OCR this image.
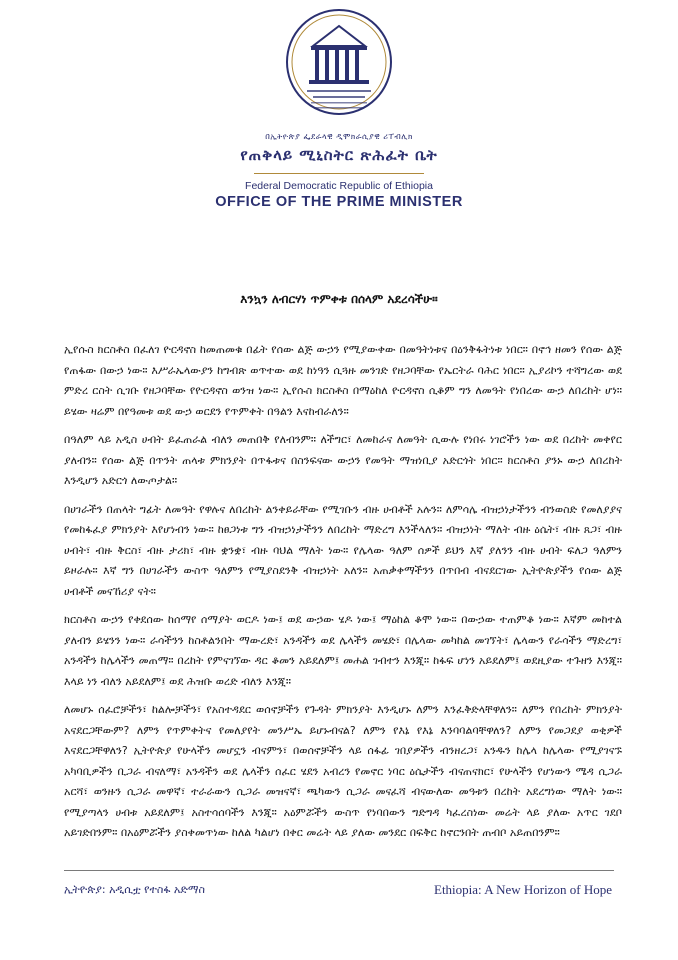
በኢትዮጵያ ፌደራላዊ ዲሞክራሲያዊ ሪፐብሊክ
የጠቅላይ ሚኒስትር ጽሕፈት ቤት
Federal Democratic Republic of Ethiopia
OFFICE OF THE PRIME MINISTER
እንኳን ለብርሃነ ጥምቀቱ በሰላም አደረሳችሁ።

ኢየሱስ ክርስቶስ በፈለገ ዮርዳኖስ ከመጠመቁ በፊት የሰው ልጅ ውኃን የሚያውቀው በመዓትነቱና በዕንቅፋትነቱ ነበር። በኖኅ ዘመን የሰው ልጅ የጠፋው በውኃ ነው። እሥራኤላውያን ከግብጽ ወጥተው ወደ ከነዓን ሲጓዙ መንገድ የዘጋባቸው የኤርትራ ባሕር ነበር። ኢያሪኮን ተሻግረው ወደ ምድረ ርስት ሲገቡ የዘጋባቸው የዮርዳኖስ ወንዝ ነው። ኢየሱስ ክርስቶስ በማዕከለ ዮርዳኖስ ሲቆም ግን ለመዓት የነበረው ውኃ ለበረከት ሆነ። ይሄው ዛሬም በየዓመቱ ወደ ውኃ ወርደን የጥምቀት በዓልን እናከብራለን።

በዓለም ላይ አዲስ ሀብት ይፈጠራል ብለን መጠበቅ የለብንም። ለችግር፣ ለመከራና ለመዓት ሲውሉ የነበሩ ነገሮችን ነው ወደ በረከት መቀየር ያለብን። የሰው ልጅ በጥንት ጠላቱ ምክንያት በጥፋቱና በስንፍናው ውኃን የመዓት ማዝነቢያ አድርጎት ነበር። ክርስቶስ ያንኑ ውኃ ለበረከት እንዲሆን አድርጎ ለውጦታል።

በሀገራችን በጠላት ግፊት ለመዓት የዋሉና ለበረከት ልንቀይራቸው የሚገቡን ብዙ ሀብቶች አሉን። ለምሳሌ ብዝኃነታችንን ብንወስድ የመለያያና የመከፋፈያ ምክንያት እየሆነብን ነው። ከፀጋነቱ ግን ብዝኃነታችንን ለበረከት ማድረግ እንችላለን። ብዝኃነት ማለት ብዙ ዕሴት፣ ብዙ ጸጋ፣ ብዙ ሀብት፣ ብዙ ቅርስ፣ ብዙ ታሪክ፣ ብዙ ቋንቋ፣ ብዙ ባህል ማለት ነው። የሌላው ዓለም ሰዎች ይህን እኛ ያለንን ብዙ ሀብት ፍለጋ ዓለምን ይዞራሉ። እኛ ግን በሀገራችን ውስጥ ዓለምን የሚያስደንቅ ብዝኃነት አለን። አጠቃቀማችንን በጥበብ ብናደርገው ኢትዮጵያችን የሰው ልጅ ሀብቶች መናኸሪያ ናት።

ክርስቶስ ውኃን የቀደሰው ከሰማየ ሰማያት ወርዶ ነው፤ ወደ ውኃው ሄዶ ነው፤ ማዕከል ቆሞ ነው። በውኃው ተጠምቆ ነው። እኛም መከተል ያለብን ይሄንን ነው። ራሳችንን ከስቶልንበት ማውረድ፣ አንዳችን ወደ ሌላችን መሄድ፣ በሌላው መካከል መገኘት፣ ሌላውን የራሳችን ማድረግ፣ አንዳችን ከሌላችን መጠማ። በረከት የምናገኘው ዳር ቆመን አይደለም፤ መሐል ገብተን እንጂ። ከፋፍ ሆነን አይደለም፤ ወደዚያው ተጉዘን እንጂ። እላይ ነን ብለን አይደለም፤ ወደ ሕዝቡ ወረድ ብለን እንጂ።

ለመሆኑ ሰፈሮቻችን፣ ከልሎቻችን፣ የአስተዳደር ወሰኖቻችን የጉዳት ምክንያት እንዲሆኑ ለምን እንፈቅድላቸዋለን። ለምን የበረከት ምክንያት አናደርጋቸውም? ለምን የጥምቀትና የመለያየት መንሥኤ ይሆኑብናል? ለምን የእኔ የእኔ እንባባልባቸዋለን? ለምን የመጋደያ ወቂዎች እናደርጋቸዋለን? ኢትዮጵያ የሁላችን መሆኗን ብናምን፣ በወሰኖቻችን ላይ ሰፋፊ ገበያዎችን ብንዘረጋ፣ አንዱን ከሌላ ከሌላው የሚያገናኙ አካባቢዎችን ቢጋራ ብናለማ፣ አንዳችን ወደ ሌላችን ሰፈር ሄደን አብረን የመኖር ነባር ዕሴታችን ብናጠናክር፣ የሁላችን የሆነውን ሜዳ ሲጋራ አርሻ፣ ወንዙን ሲጋራ መዋኛ፣ ተራራውን ሲጋራ መዝናኛ፣ ጫካውን ሲጋራ መናፈሻ ብናውለው መዓቱን በረከት አደረግነው ማለት ነው። የሚያጣላን ሀብቱ አይደለም፤ አስተሳሰባችን እንጂ። አዕምሯችን ውስጥ የነባበውን ግድግዳ ካፈረስነው መሬት ላይ ያለው አጥር ገደቦ አይገድበንም። በአዕምሯችን ያስቀመጥነው ከለል ካልሆነ በቀር መሬት ላይ ያለው መንደር በፍቅር ከኖርንበት ጠብቦ አይጠበንም።

ኢትዮጵያ: አዲሲቷ የተስፋ አድማስ	Ethiopia: A New Horizon of Hope
